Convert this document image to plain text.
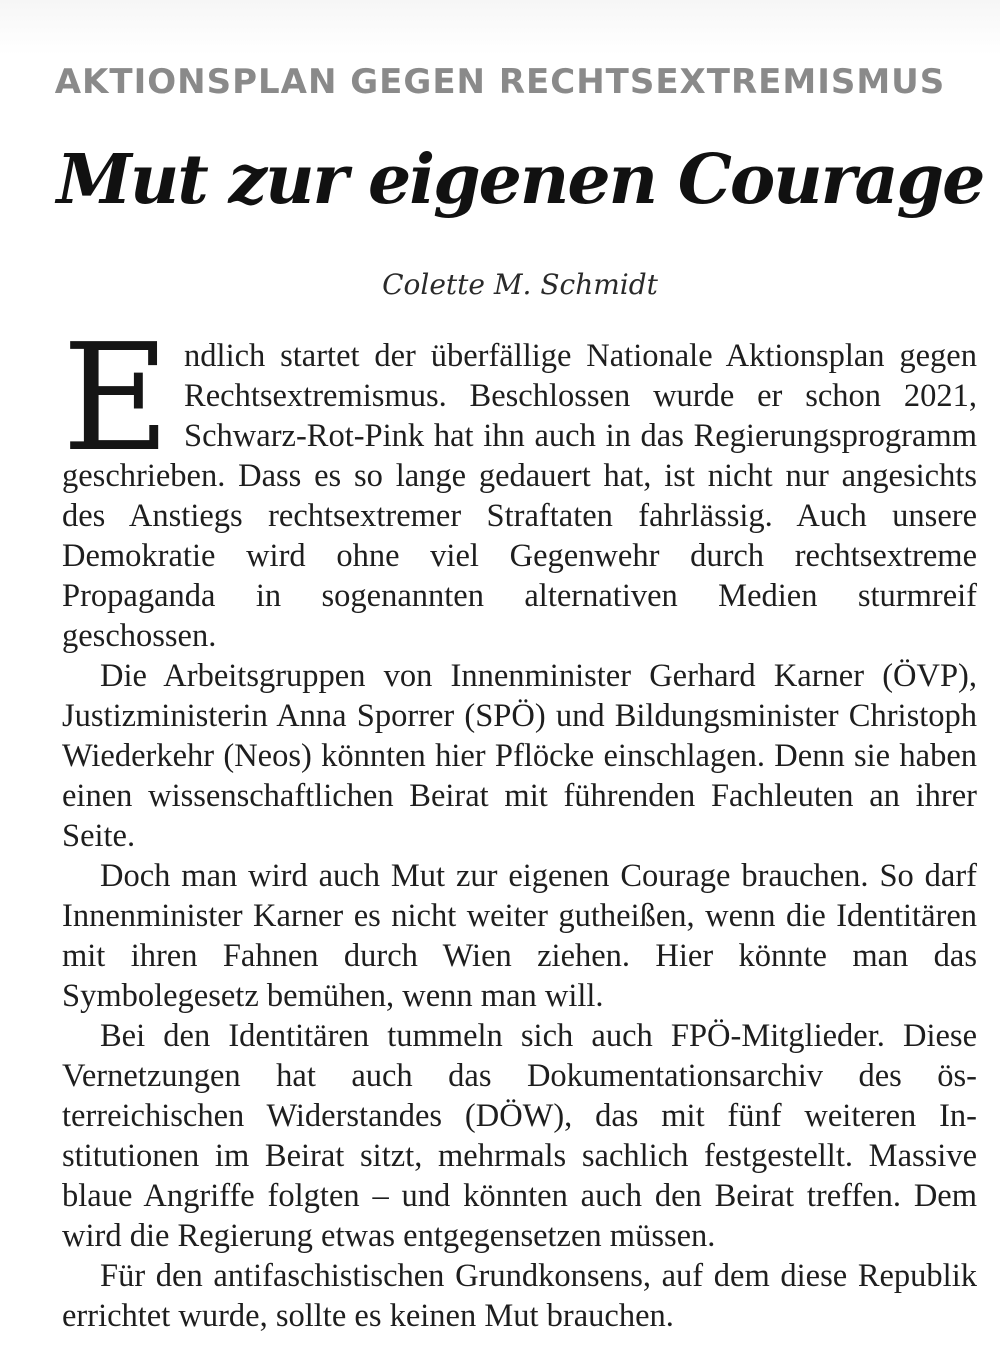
AKTIONSPLAN GEGEN RECHTSEXTREMISMUS
Mut zur eigenen Courage
Colette M. Schmidt

Endlich startet der überfällige Nationale Aktionsplan gegen Rechtsextremismus. Beschlossen wurde er schon 2021, Schwarz-Rot-Pink hat ihn auch in das Regierungsprogramm geschrieben. Dass es so lange gedauert hat, ist nicht nur angesichts des Anstiegs rechtsextremer Straftaten fahrlässig. Auch unsere Demokratie wird ohne viel Gegenwehr durch rechtsextreme Propaganda in sogenannten alternativen Medien sturmreif geschossen.

Die Arbeitsgruppen von Innenminister Gerhard Karner (ÖVP), Justizministerin Anna Sporrer (SPÖ) und Bildungsminister Christoph Wiederkehr (Neos) könnten hier Pflöcke einschlagen. Denn sie haben einen wissenschaftlichen Beirat mit führenden Fachleuten an ihrer Seite.

Doch man wird auch Mut zur eigenen Courage brauchen. So darf Innenminister Karner es nicht weiter gutheißen, wenn die Identitären mit ihren Fahnen durch Wien ziehen. Hier könnte man das Symbolegesetz bemühen, wenn man will.

Bei den Identitären tummeln sich auch FPÖ-Mitglieder. Diese Vernetzungen hat auch das Dokumentationsarchiv des österreichischen Widerstandes (DÖW), das mit fünf weiteren Institutionen im Beirat sitzt, mehrmals sachlich festgestellt. Massive blaue Angriffe folgten – und könnten auch den Beirat treffen. Dem wird die Regierung etwas entgegensetzen müssen.

Für den antifaschistischen Grundkonsens, auf dem diese Republik errichtet wurde, sollte es keinen Mut brauchen.
